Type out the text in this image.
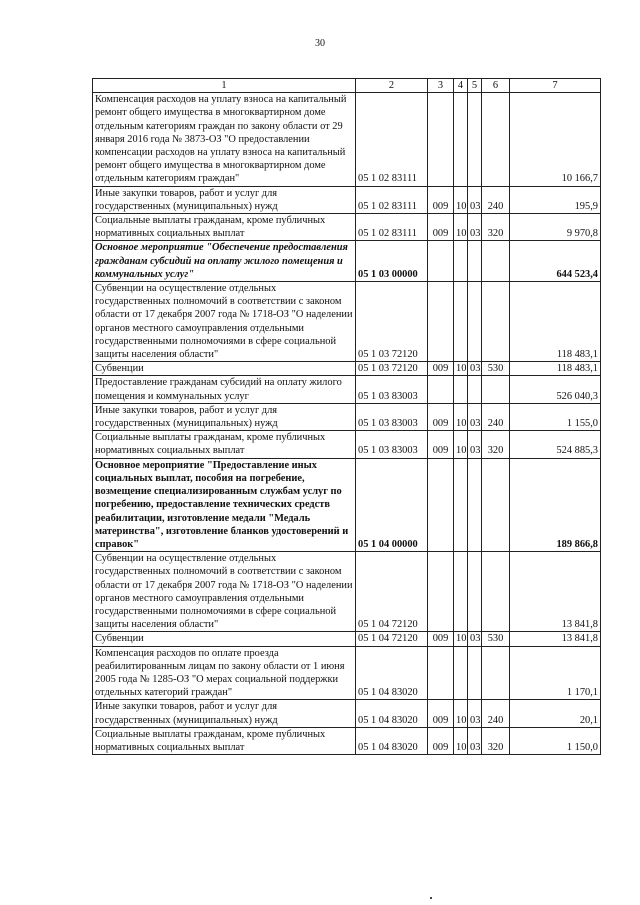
30
1	2	3	4	5	6	7
Компенсация расходов на уплату взноса на капитальный ремонт общего имущества в многоквартирном доме отдельным категориям граждан по закону области от 29 января 2016 года № 3873-ОЗ "О предоставлении компенсации расходов на уплату взноса на капитальный ремонт общего имущества в многоквартирном доме отдельным категориям граждан"	05 1 02 83111					10 166,7
Иные закупки товаров, работ и услуг для государственных (муниципальных) нужд	05 1 02 83111	009	10	03	240	195,9
Социальные выплаты гражданам, кроме публичных нормативных социальных выплат	05 1 02 83111	009	10	03	320	9 970,8
Основное мероприятие "Обеспечение предоставления гражданам субсидий на оплату жилого помещения и коммунальных услуг"	05 1 03 00000					644 523,4
Субвенции на осуществление отдельных государственных полномочий в соответствии с законом области от 17 декабря 2007 года № 1718-ОЗ "О наделении органов местного самоуправления отдельными государственными полномочиями в сфере социальной защиты населения области"	05 1 03 72120					118 483,1
Субвенции	05 1 03 72120	009	10	03	530	118 483,1
Предоставление гражданам субсидий на оплату жилого помещения и коммунальных услуг	05 1 03 83003					526 040,3
Иные закупки товаров, работ и услуг для государственных (муниципальных) нужд	05 1 03 83003	009	10	03	240	1 155,0
Социальные выплаты гражданам, кроме публичных нормативных социальных выплат	05 1 03 83003	009	10	03	320	524 885,3
Основное мероприятие "Предоставление иных социальных выплат, пособия на погребение, возмещение специализированным службам услуг по погребению, предоставление технических средств реабилитации, изготовление медали "Медаль материнства", изготовление бланков удостоверений и справок"	05 1 04 00000					189 866,8
Субвенции на осуществление отдельных государственных полномочий в соответствии с законом области от 17 декабря 2007 года № 1718-ОЗ "О наделении органов местного самоуправления отдельными государственными полномочиями в сфере социальной защиты населения области"	05 1 04 72120					13 841,8
Субвенции	05 1 04 72120	009	10	03	530	13 841,8
Компенсация расходов по оплате проезда реабилитированным лицам по закону области от 1 июня 2005 года № 1285-ОЗ "О мерах социальной поддержки отдельных категорий граждан"	05 1 04 83020					1 170,1
Иные закупки товаров, работ и услуг для государственных (муниципальных) нужд	05 1 04 83020	009	10	03	240	20,1
Социальные выплаты гражданам, кроме публичных нормативных социальных выплат	05 1 04 83020	009	10	03	320	1 150,0
